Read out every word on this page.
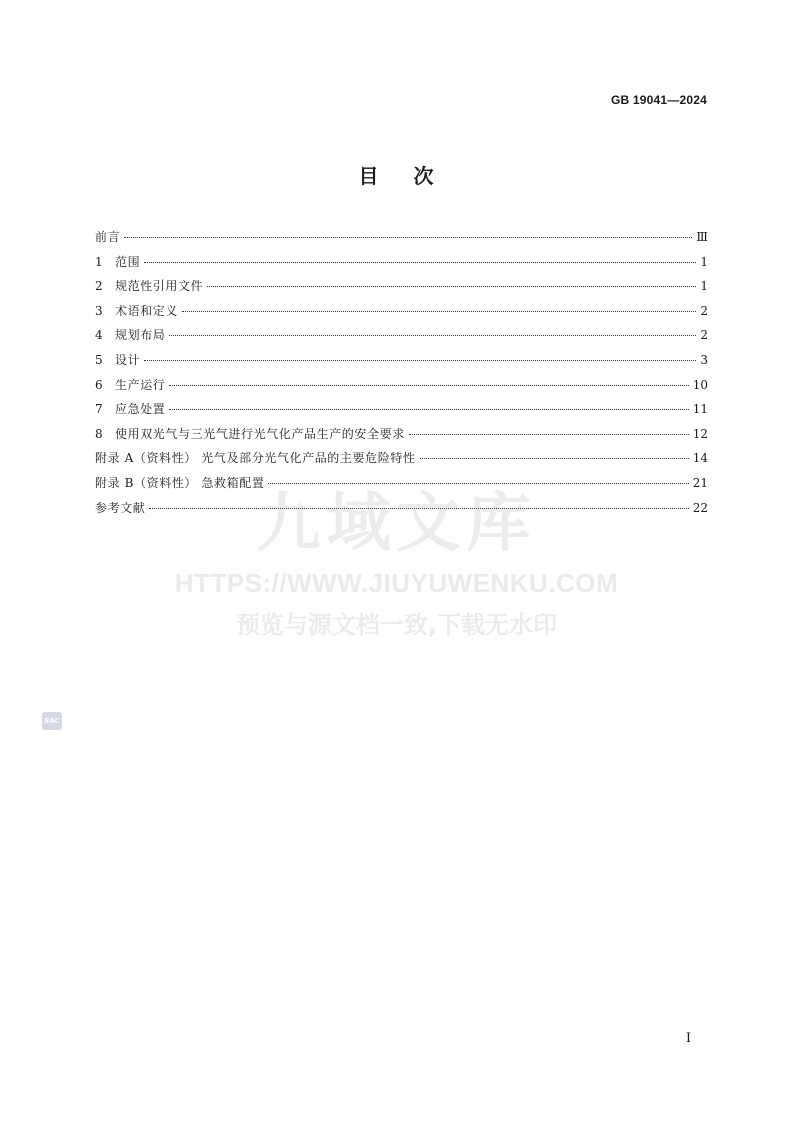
GB 19041—2024
目 次
前言	Ⅲ
1 范围	1
2 规范性引用文件	1
3 术语和定义	2
4 规划布局	2
5 设计	3
6 生产运行	10
7 应急处置	11
8 使用双光气与三光气进行光气化产品生产的安全要求	12
附录 A（资料性） 光气及部分光气化产品的主要危险特性	14
附录 B（资料性） 急救箱配置	21
参考文献	22
九域文库
HTTPS://WWW.JIUYUWENKU.COM
预览与源文档一致,下载无水印
SAC
I
